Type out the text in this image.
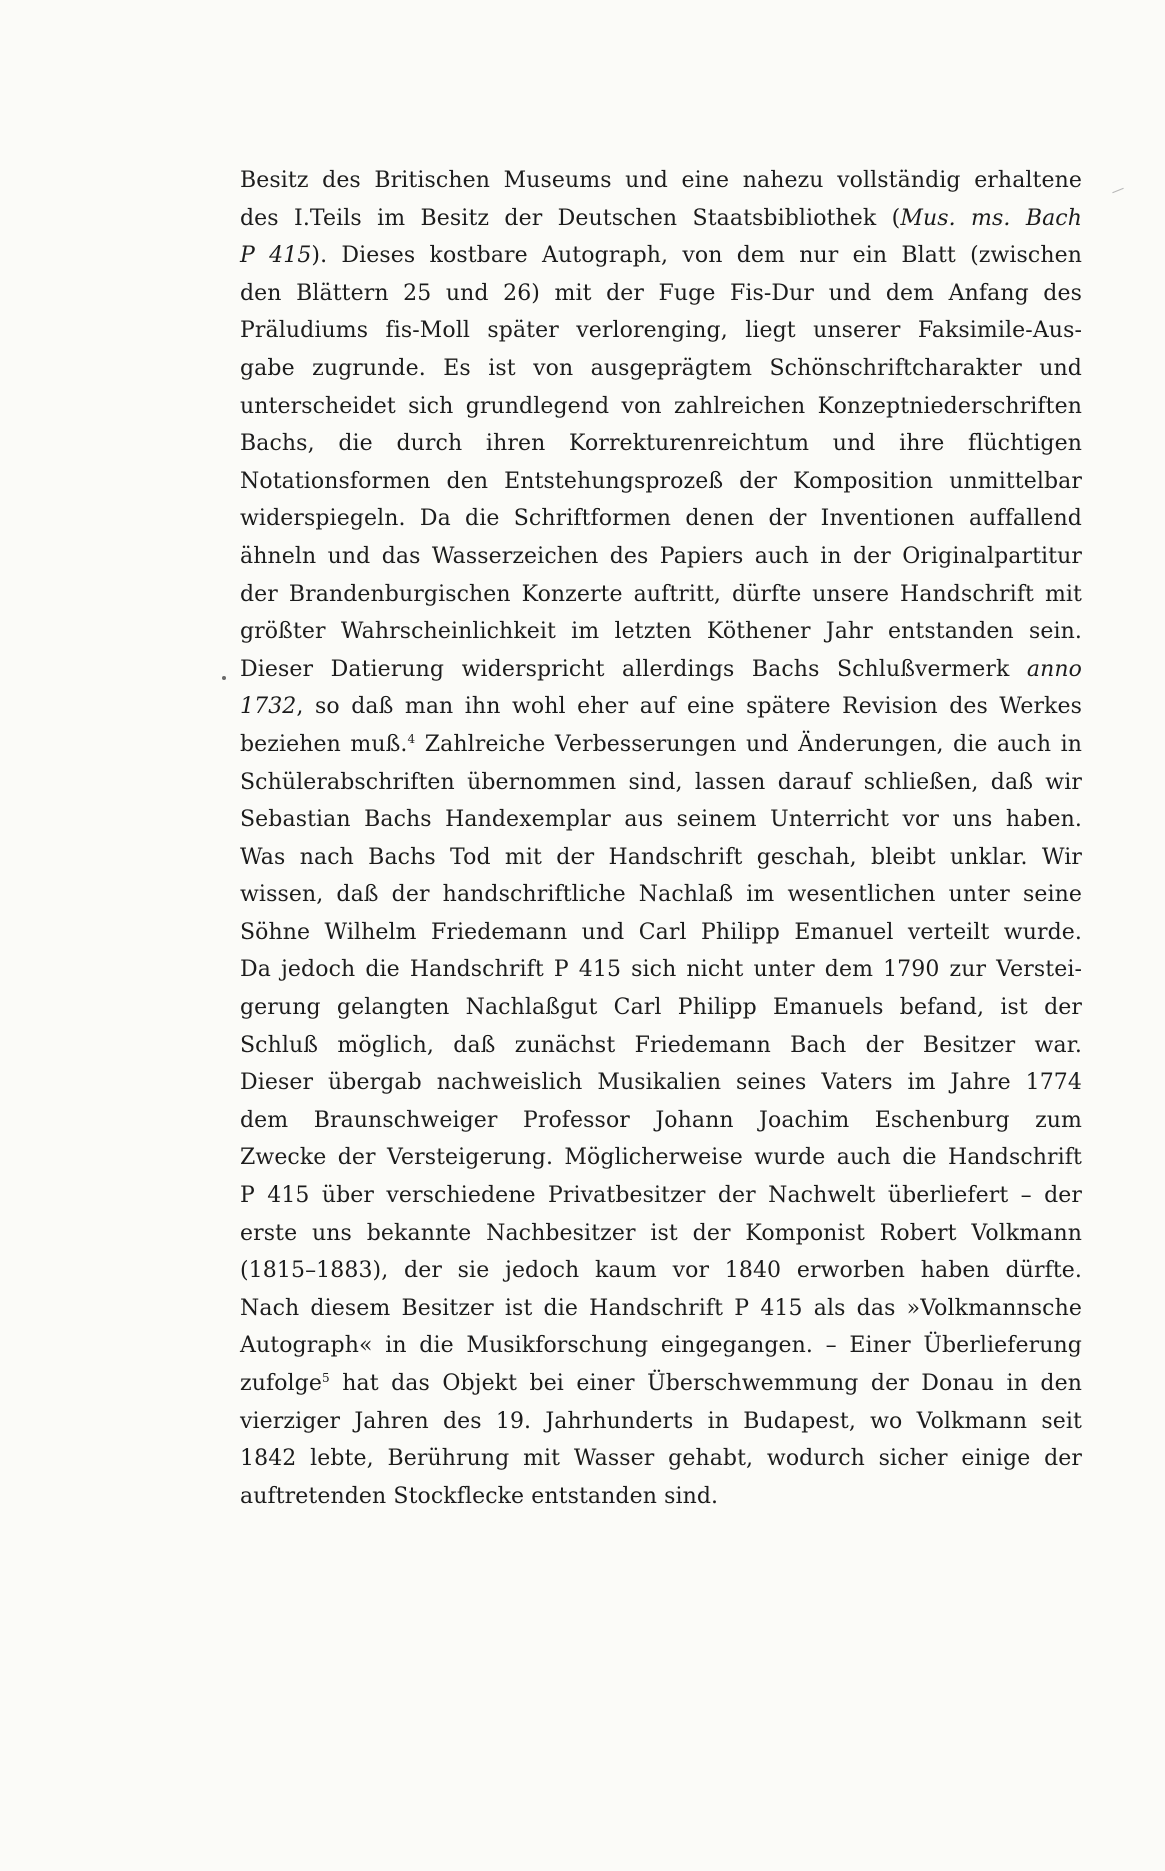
Besitz des Britischen Museums und eine nahezu vollständig erhaltene
des I.Teils im Besitz der Deutschen Staatsbibliothek (Mus. ms. Bach
P 415). Dieses kostbare Autograph, von dem nur ein Blatt (zwischen
den Blättern 25 und 26) mit der Fuge Fis-Dur und dem Anfang des
Präludiums fis-Moll später verlorenging, liegt unserer Faksimile-Aus-
gabe zugrunde. Es ist von ausgeprägtem Schönschriftcharakter und
unterscheidet sich grundlegend von zahlreichen Konzeptniederschriften
Bachs, die durch ihren Korrekturenreichtum und ihre flüchtigen
Notationsformen den Entstehungsprozeß der Komposition unmittelbar
widerspiegeln. Da die Schriftformen denen der Inventionen auffallend
ähneln und das Wasserzeichen des Papiers auch in der Originalpartitur
der Brandenburgischen Konzerte auftritt, dürfte unsere Handschrift mit
größter Wahrscheinlichkeit im letzten Köthener Jahr entstanden sein.
Dieser Datierung widerspricht allerdings Bachs Schlußvermerk anno
1732, so daß man ihn wohl eher auf eine spätere Revision des Werkes
beziehen muß.$^4$ Zahlreiche Verbesserungen und Änderungen, die auch in
Schülerabschriften übernommen sind, lassen darauf schließen, daß wir
Sebastian Bachs Handexemplar aus seinem Unterricht vor uns haben.
Was nach Bachs Tod mit der Handschrift geschah, bleibt unklar. Wir
wissen, daß der handschriftliche Nachlaß im wesentlichen unter seine
Söhne Wilhelm Friedemann und Carl Philipp Emanuel verteilt wurde.
Da jedoch die Handschrift P 415 sich nicht unter dem 1790 zur Verstei-
gerung gelangten Nachlaßgut Carl Philipp Emanuels befand, ist der
Schluß möglich, daß zunächst Friedemann Bach der Besitzer war.
Dieser übergab nachweislich Musikalien seines Vaters im Jahre 1774
dem Braunschweiger Professor Johann Joachim Eschenburg zum
Zwecke der Versteigerung. Möglicherweise wurde auch die Handschrift
P 415 über verschiedene Privatbesitzer der Nachwelt überliefert – der
erste uns bekannte Nachbesitzer ist der Komponist Robert Volkmann
(1815–1883), der sie jedoch kaum vor 1840 erworben haben dürfte.
Nach diesem Besitzer ist die Handschrift P 415 als das »Volkmannsche
Autograph« in die Musikforschung eingegangen. – Einer Überlieferung
zufolge$^5$ hat das Objekt bei einer Überschwemmung der Donau in den
vierziger Jahren des 19. Jahrhunderts in Budapest, wo Volkmann seit
1842 lebte, Berührung mit Wasser gehabt, wodurch sicher einige der
auftretenden Stockflecke entstanden sind.
